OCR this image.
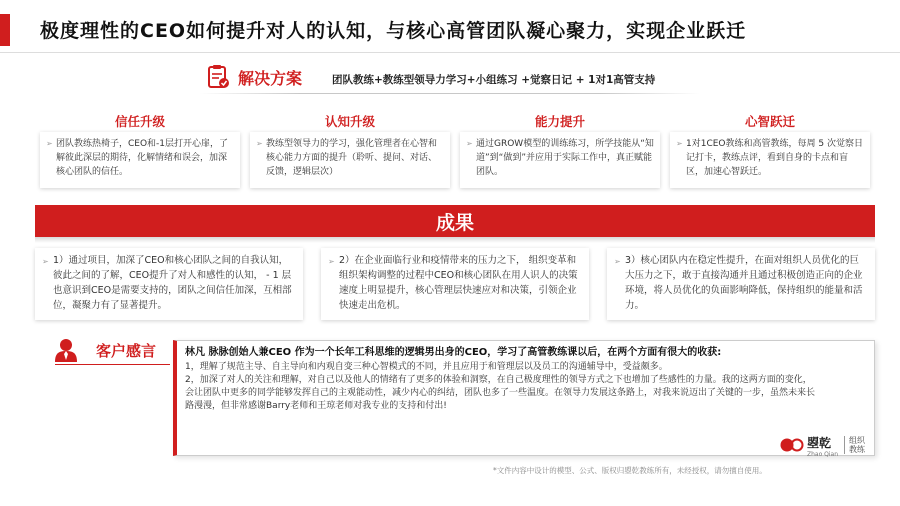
极度理性的CEO如何提升对人的认知，与核心高管团队凝心聚力，实现企业跃迁
解决方案	团队教练+教练型领导力学习+小组练习 +觉察日记 + 1对1高管支持
信任升级
➢ 团队教练热椅子，CEO和-1层打开心扉，了解彼此深层的期待，化解情绪和误会，加深核心团队的信任。
认知升级
➢ 教练型领导力的学习，强化管理者在心智和核心能力方面的提升（聆听、提问、对话、反馈，逻辑层次）
能力提升
➢ 通过GROW模型的训练练习，所学技能从“知道”到“做到”并应用于实际工作中，真正赋能团队。
心智跃迁
➢ 1对1CEO教练和高管教练，每周 5 次觉察日记打卡，教练点评，看到自身的卡点和盲区，加速心智跃迁。
成果
➢ 1）通过项目，加深了CEO和核心团队之间的自我认知，彼此之间的了解，CEO提升了对人和感性的认知， - 1 层也意识到CEO是需要支持的，团队之间信任加深，互相部位，凝聚力有了显著提升。
➢ 2）在企业面临行业和疫情带来的压力之下， 组织变革和组织架构调整的过程中CEO和核心团队在用人识人的决策速度上明显提升，核心管理层快速应对和决策，引领企业快速走出危机。
➢ 3）核心团队内在稳定性提升，在面对组织人员优化的巨大压力之下，敢于直接沟通并且通过积极创造正向的企业环境，将人员优化的负面影响降低，保持组织的能量和活力。
客户感言	林凡 脉脉创始人兼CEO 作为一个长年工科思维的逻辑男出身的CEO，学习了高管教练课以后，在两个方面有很大的收获:
1，理解了规范主导、自主导向和内观自变三种心智模式的不同，并且应用于和管理层以及员工的沟通辅导中，受益颇多。
2，加深了对人的关注和理解，对自己以及他人的情绪有了更多的体验和洞察，在自己极度理性的领导方式之下也增加了些感性的力量。我的这两方面的变化，
会让团队中更多的同学能够发挥自己的主观能动性，减少内心的纠结，团队也多了一些温度。在领导力发展这条路上，对我来说迈出了关键的一步，虽然未来长
路漫漫，但非常感谢Barry老师和王琼老师对我专业的支持和付出!
曌乾
Zhao Qian
组织教练
*文件内容中设计的模型、公式、版权归曌乾教练所有，未经授权，请勿擅自使用。
